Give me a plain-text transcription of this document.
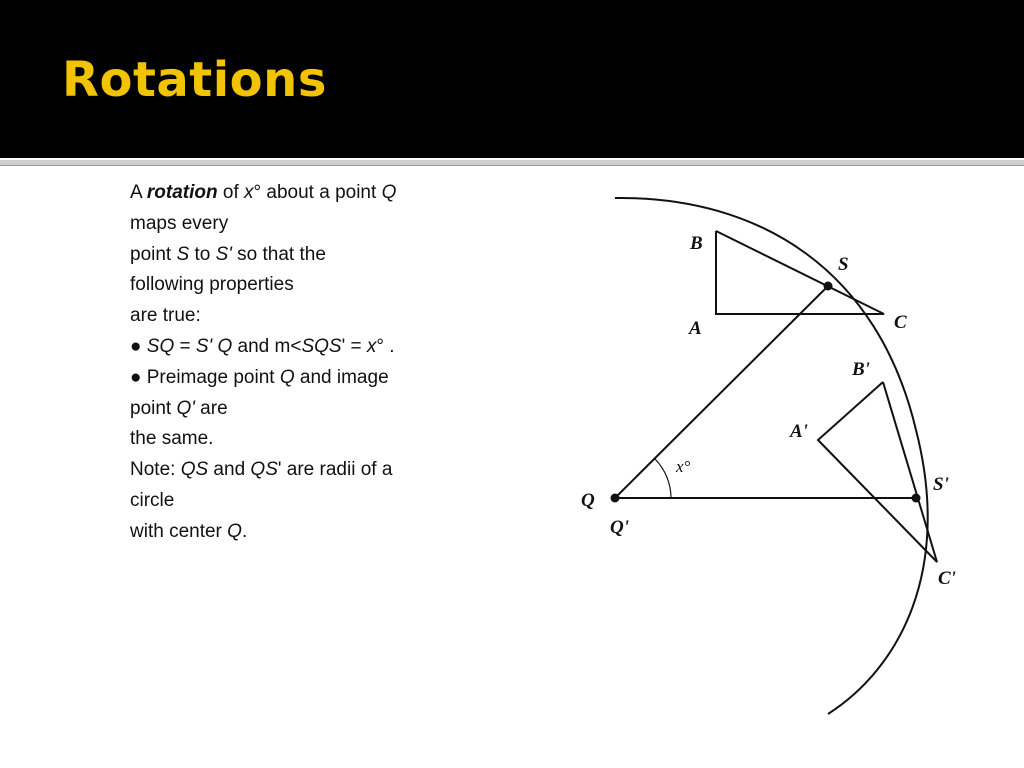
Rotations
A rotation of x° about a point Q
maps every
point S to S' so that the
following properties
are true:
● SQ = S' Q and m<SQS' = x° .
● Preimage point Q and image
point Q' are
the same.
Note: QS and QS' are radii of a
circle
with center Q.
B
A	C
S
B'
A'
C'
S'
Q
Q'
x°
